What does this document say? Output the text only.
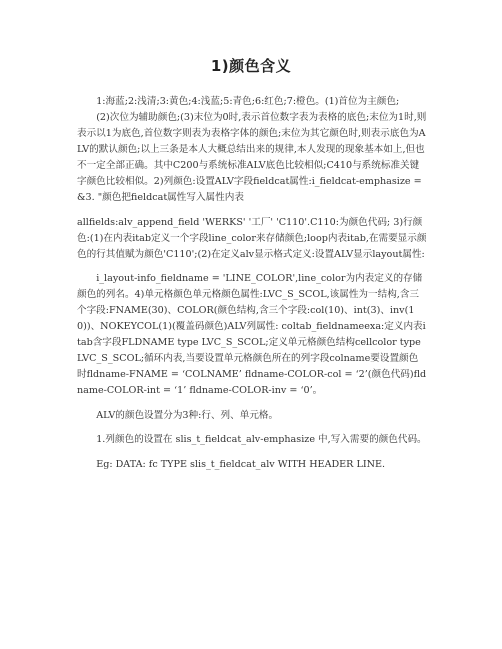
1)颜色含义

1:海蓝;2:浅清;3:黄色;4:浅蓝;5:青色;6:红色;7:橙色。(1)首位为主颜色;

(2)次位为辅助颜色;(3)末位为0时,表示首位数字表为表格的底色;末位为1时,则表示以1为底色,首位数字则表为表格字体的颜色;末位为其它颜色时,则表示底色为ALV的默认颜色;以上三条是本人大概总结出来的规律,本人发现的现象基本如上,但也不一定全部正确。其中C200与系统标准ALV底色比较相似;C410与系统标准关键字颜色比较相似。2)列颜色:设置ALV字段fieldcat属性:i_fieldcat-emphasize = &3. "颜色把fieldcat属性写入属性内表

allfields:alv_append_field 'WERKS' '工厂' 'C110'.C110:为颜色代码; 3)行颜色:(1)在内表itab定义一个字段line_color来存储颜色;loop内表itab,在需要显示颜色的行其值赋为颜色'C110';(2)在定义alv显示格式定义:设置ALV显示layout属性:

i_layout-info_fieldname = 'LINE_COLOR',line_color为内表定义的存储颜色的列名。4)单元格颜色单元格颜色属性:LVC_S_SCOL,该属性为一结构,含三个字段:FNAME(30)、COLOR(颜色结构,含三个字段:col(10)、int(3)、inv(10))、NOKEYCOL(1)(覆盖码颜色)ALV列属性: coltab_fieldnameexa:定义内表itab含字段FLDNAME type LVC_S_SCOL;定义单元格颜色结构cellcolor type LVC_S_SCOL;循环内表,当要设置单元格颜色所在的列字段colname要设置颜色时fldname-FNAME = ‘COLNAME’ fldname-COLOR-col = ‘2’(颜色代码)fldname-COLOR-int = ‘1’ fldname-COLOR-inv = ‘0’。

ALV的颜色设置分为3种:行、列、单元格。

1.列颜色的设置在 slis_t_fieldcat_alv-emphasize 中,写入需要的颜色代码。

Eg: DATA: fc TYPE slis_t_fieldcat_alv WITH HEADER LINE.
